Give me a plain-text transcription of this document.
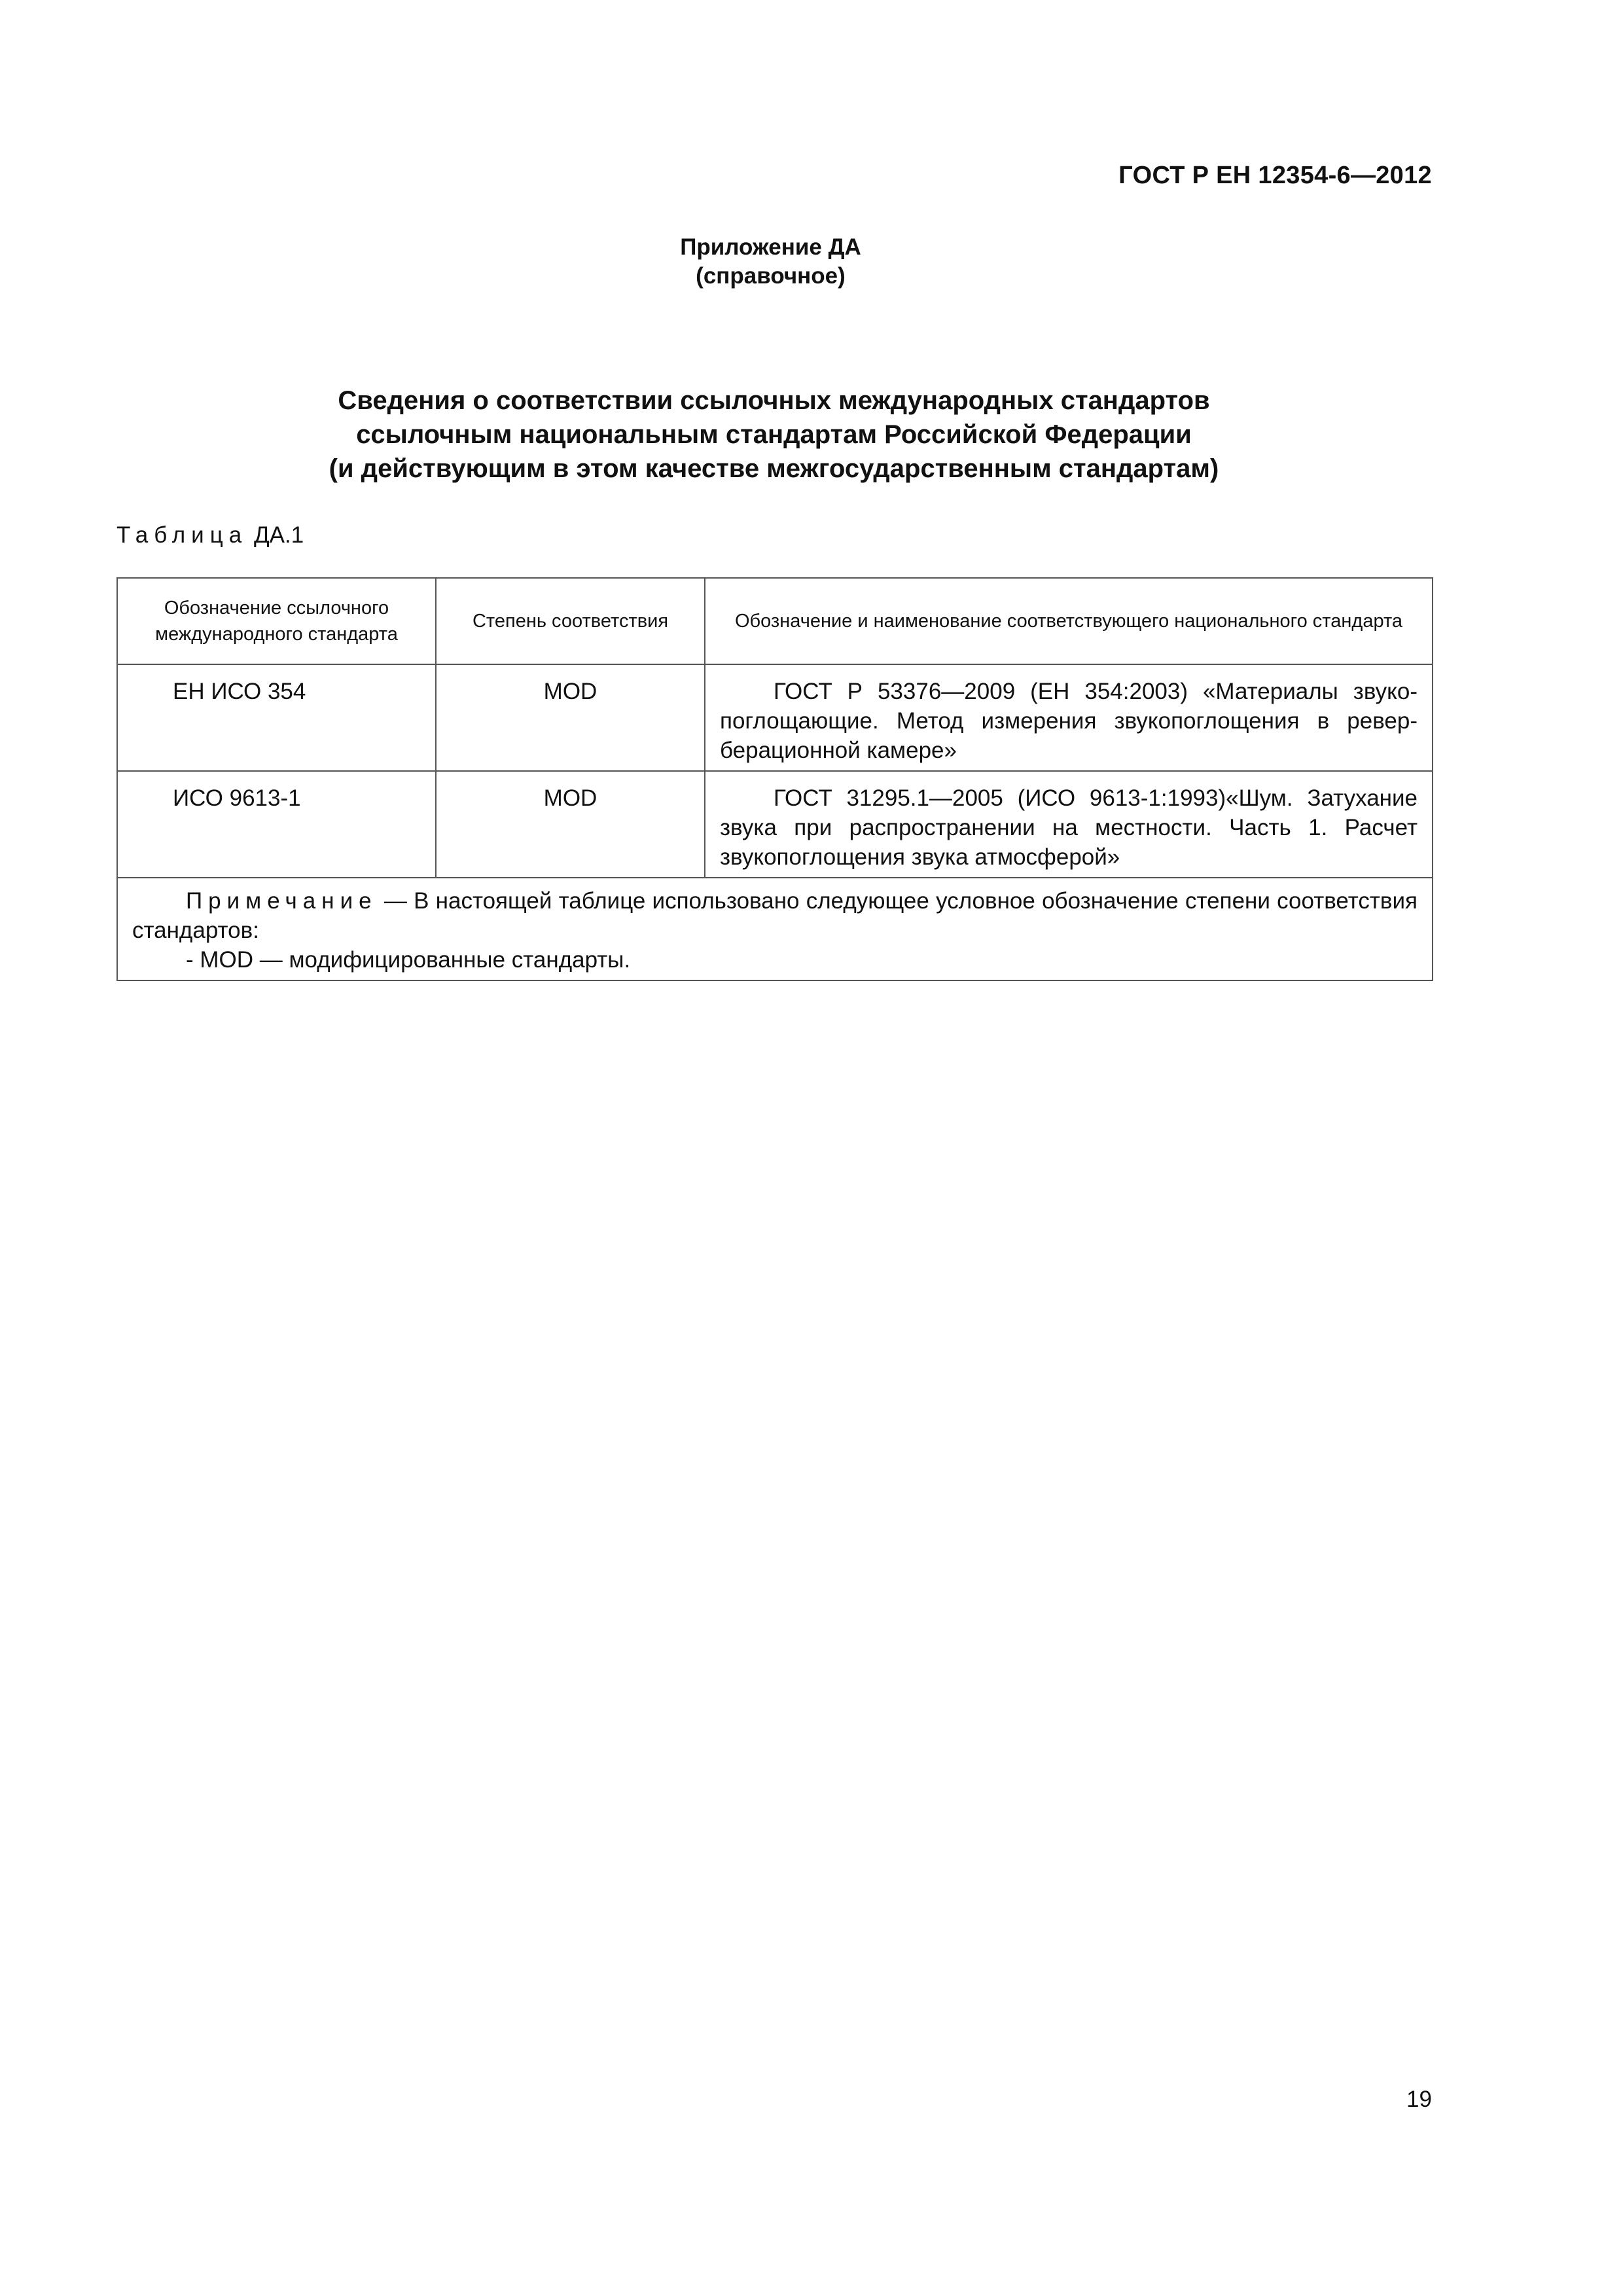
ГОСТ Р ЕН 12354-6—2012
Приложение ДА
(справочное)
Сведения о соответствии ссылочных международных стандартов
ссылочным национальным стандартам Российской Федерации
(и действующим в этом качестве межгосударственным стандартам)
Таблица ДА.1
Обозначение ссылочного международного стандарта	Степень соответствия	Обозначение и наименование соответствующего национального стандарта
ЕН ИСО 354	MOD	ГОСТ Р 53376—2009 (ЕН 354:2003) «Материалы звукопоглощающие. Метод измерения звукопоглощения в реверберационной камере»
ИСО 9613-1	MOD	ГОСТ 31295.1—2005 (ИСО 9613-1:1993)«Шум. Затухание звука при распространении на местности. Часть 1. Расчет звукопоглощения звука атмосферой»

Примечание — В настоящей таблице использовано следующее условное обозначение степени соответствия стандартов:
- MOD — модифицированные стандарты.		
19
